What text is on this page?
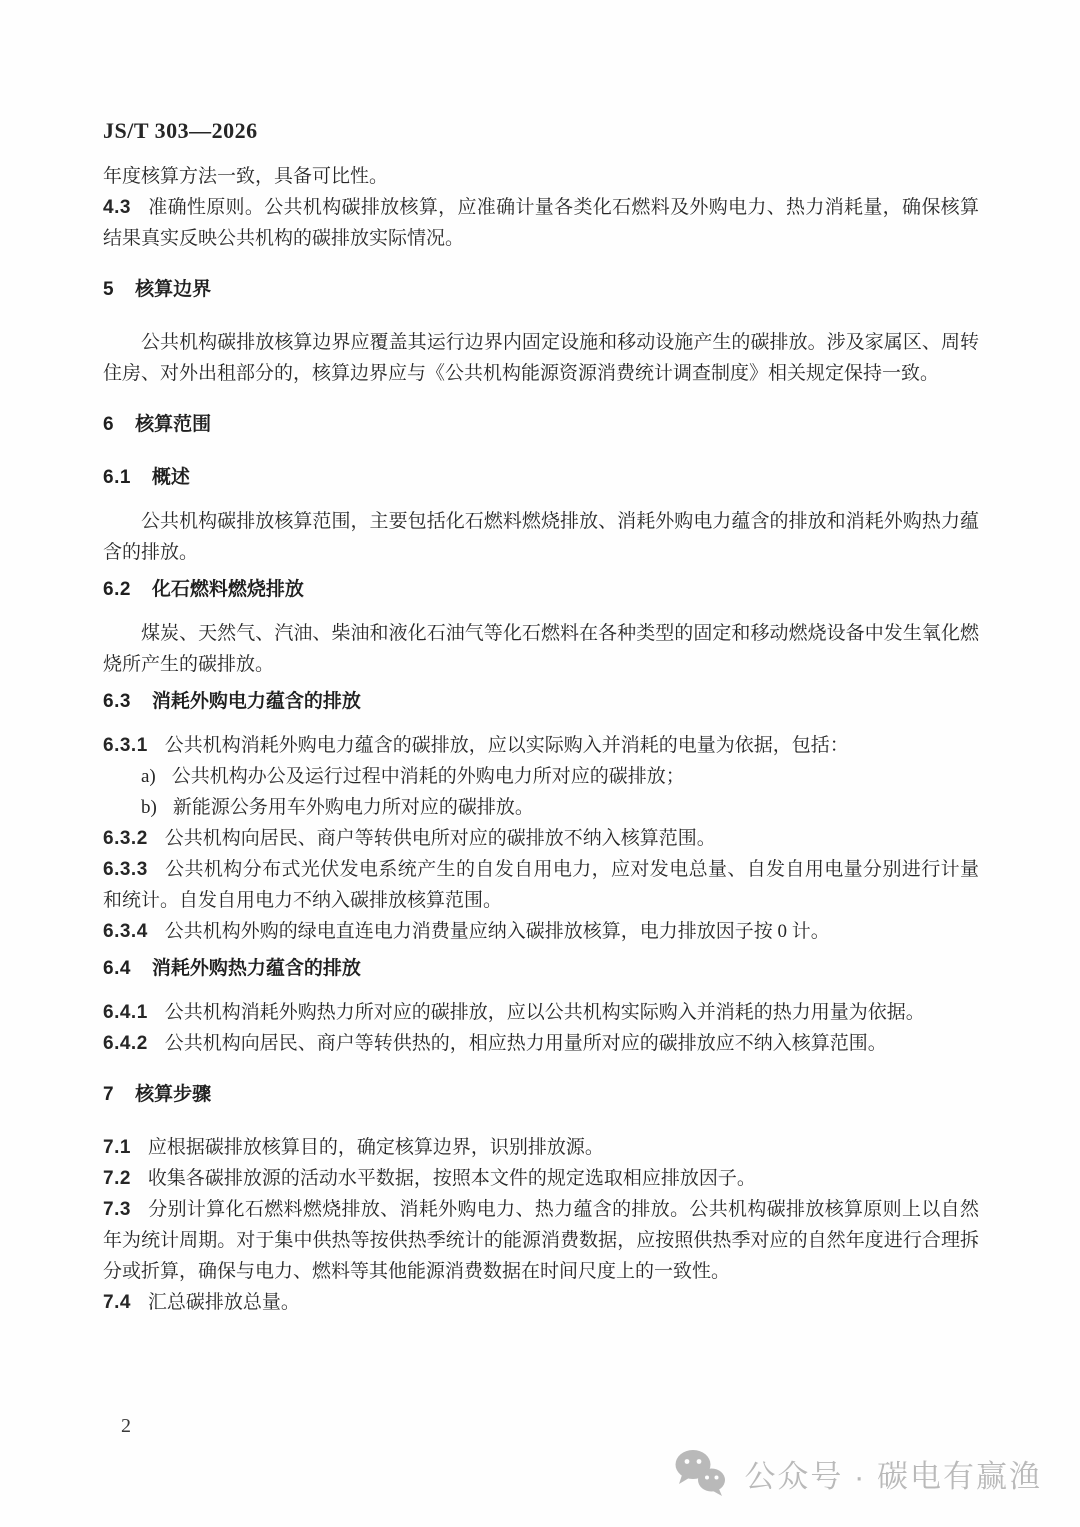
JS/T 303—2026
年度核算方法一致，具备可比性。
4.3 准确性原则。公共机构碳排放核算，应准确计量各类化石燃料及外购电力、热力消耗量，确保核算结果真实反映公共机构的碳排放实际情况。
5 核算边界
公共机构碳排放核算边界应覆盖其运行边界内固定设施和移动设施产生的碳排放。涉及家属区、周转住房、对外出租部分的，核算边界应与《公共机构能源资源消费统计调查制度》相关规定保持一致。
6 核算范围
6.1 概述
公共机构碳排放核算范围，主要包括化石燃料燃烧排放、消耗外购电力蕴含的排放和消耗外购热力蕴含的排放。
6.2 化石燃料燃烧排放
煤炭、天然气、汽油、柴油和液化石油气等化石燃料在各种类型的固定和移动燃烧设备中发生氧化燃烧所产生的碳排放。
6.3 消耗外购电力蕴含的排放
6.3.1 公共机构消耗外购电力蕴含的碳排放，应以实际购入并消耗的电量为依据，包括：
a) 公共机构办公及运行过程中消耗的外购电力所对应的碳排放；
b) 新能源公务用车外购电力所对应的碳排放。
6.3.2 公共机构向居民、商户等转供电所对应的碳排放不纳入核算范围。
6.3.3 公共机构分布式光伏发电系统产生的自发自用电力，应对发电总量、自发自用电量分别进行计量和统计。自发自用电力不纳入碳排放核算范围。
6.3.4 公共机构外购的绿电直连电力消费量应纳入碳排放核算，电力排放因子按 0 计。
6.4 消耗外购热力蕴含的排放
6.4.1 公共机构消耗外购热力所对应的碳排放，应以公共机构实际购入并消耗的热力用量为依据。
6.4.2 公共机构向居民、商户等转供热的，相应热力用量所对应的碳排放应不纳入核算范围。
7 核算步骤
7.1 应根据碳排放核算目的，确定核算边界，识别排放源。
7.2 收集各碳排放源的活动水平数据，按照本文件的规定选取相应排放因子。
7.3 分别计算化石燃料燃烧排放、消耗外购电力、热力蕴含的排放。公共机构碳排放核算原则上以自然年为统计周期。对于集中供热等按供热季统计的能源消费数据，应按照供热季对应的自然年度进行合理拆分或折算，确保与电力、燃料等其他能源消费数据在时间尺度上的一致性。
7.4 汇总碳排放总量。
2
公众号 · 碳电有赢渔
